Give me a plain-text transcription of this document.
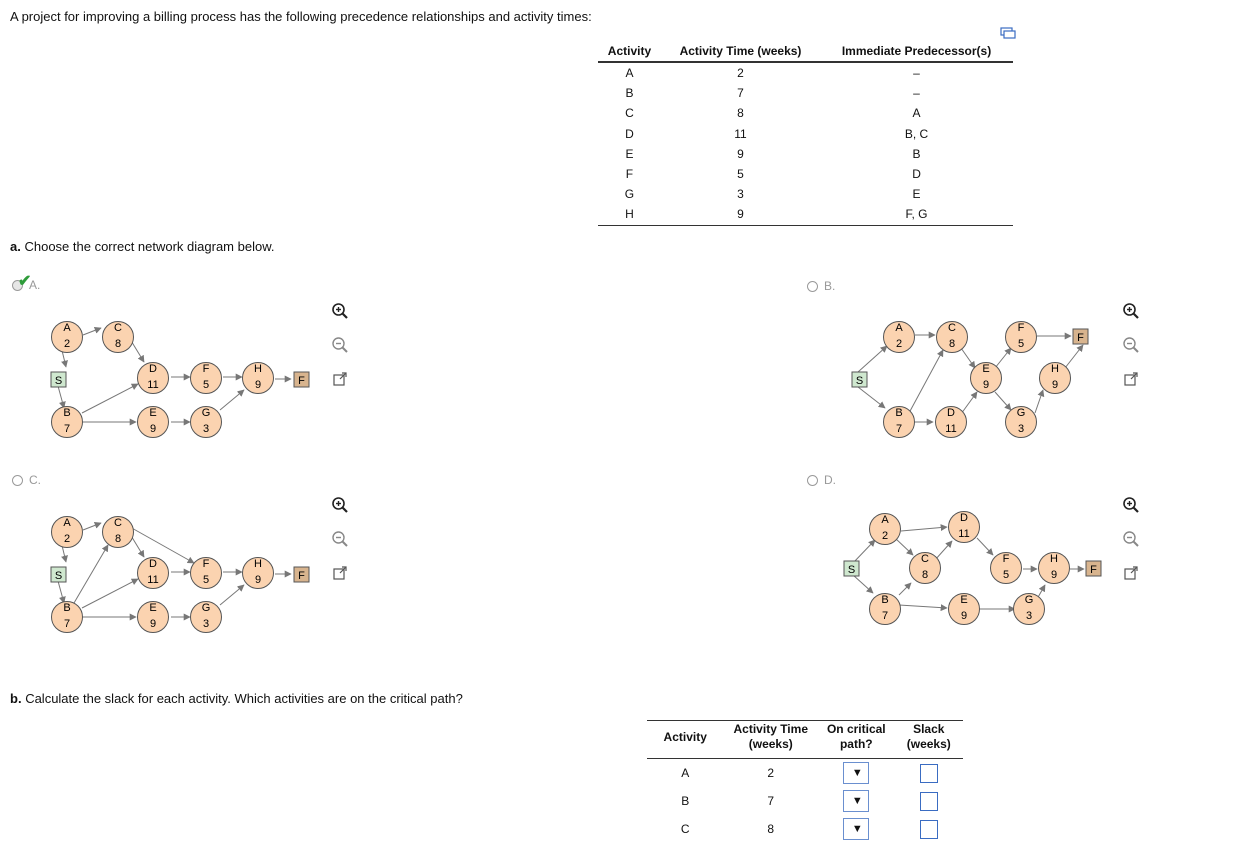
A project for improving a billing process has the following precedence relationships and activity times:
Activity	Activity Time (weeks)	Immediate Predecessor(s)
A	2	–
B	7	–
C	8	A
D	11	B, C
E	9	B
F	5	D
G	3	E
H	9	F, G
a. Choose the correct network diagram below.
✔
A.	B.
C.	D.
A
2
C
8
S
D
11
F
5
H
9	F
B
7
E
9
G
3
S
A
2
C
8
F
5	F
E
9
H
9
B
7
D
11
G
3
A
2
C
8
S
D
11
F
5
H
9	F
B
7
E
9
G
3
S
A
2
D
11
C
8
F
5
H
9	F
B
7
E
9
G
3
b. Calculate the slack for each activity. Which activities are on the critical path?
Activity	Activity Time (weeks)	On critical path?	Slack (weeks)
A	2	▼	

B	7	▼	

C	8	▼	
